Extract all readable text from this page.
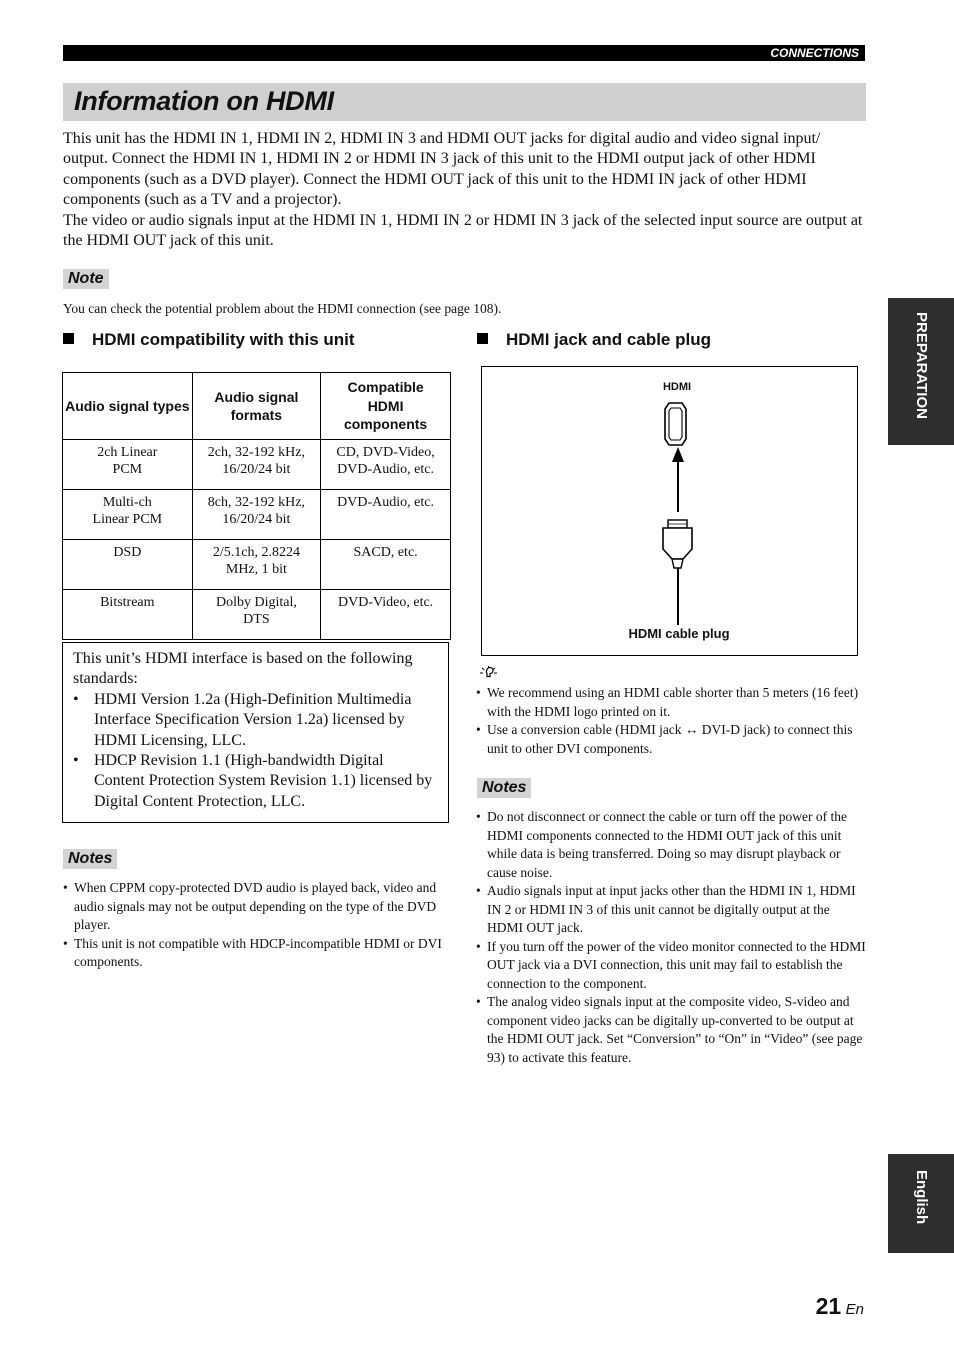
CONNECTIONS
Information on HDMI

This unit has the HDMI IN 1, HDMI IN 2, HDMI IN 3 and HDMI OUT jacks for digital audio and video signal input/ output. Connect the HDMI IN 1, HDMI IN 2 or HDMI IN 3 jack of this unit to the HDMI output jack of other HDMI components (such as a DVD player). Connect the HDMI OUT jack of this unit to the HDMI IN jack of other HDMI components (such as a TV and a projector).

The video or audio signals input at the HDMI IN 1, HDMI IN 2 or HDMI IN 3 jack of the selected input source are output at the HDMI OUT jack of this unit.

Note
You can check the potential problem about the HDMI connection (see page 108).
HDMI compatibility with this unit
Audio signal types	Audio signal formats	Compatible HDMI components
2ch Linear PCM	2ch, 32-192 kHz, 16/20/24 bit	CD, DVD-Video, DVD-Audio, etc.
Multi-ch Linear PCM	8ch, 32-192 kHz, 16/20/24 bit	DVD-Audio, etc.
DSD	2/5.1ch, 2.8224 MHz, 1 bit	SACD, etc.
Bitstream	Dolby Digital, DTS	DVD-Video, etc.
This unit’s HDMI interface is based on the following standards:
• HDMI Version 1.2a (High-Definition Multimedia Interface Specification Version 1.2a) licensed by HDMI Licensing, LLC.
• HDCP Revision 1.1 (High-bandwidth Digital Content Protection System Revision 1.1) licensed by Digital Content Protection, LLC.
Notes
• When CPPM copy-protected DVD audio is played back, video and audio signals may not be output depending on the type of the DVD player.
• This unit is not compatible with HDCP-incompatible HDMI or DVI components.
HDMI jack and cable plug
HDMI
HDMI cable plug
• We recommend using an HDMI cable shorter than 5 meters (16 feet) with the HDMI logo printed on it.
• Use a conversion cable (HDMI jack ↔ DVI-D jack) to connect this unit to other DVI components.
Notes
• Do not disconnect or connect the cable or turn off the power of the HDMI components connected to the HDMI OUT jack of this unit while data is being transferred. Doing so may disrupt playback or cause noise.
• Audio signals input at input jacks other than the HDMI IN 1, HDMI IN 2 or HDMI IN 3 of this unit cannot be digitally output at the HDMI OUT jack.
• If you turn off the power of the video monitor connected to the HDMI OUT jack via a DVI connection, this unit may fail to establish the connection to the component.
• The analog video signals input at the composite video, S-video and component video jacks can be digitally up-converted to be output at the HDMI OUT jack. Set “Conversion” to “On” in “Video” (see page 93) to activate this feature.
PREPARATION
English
21 En
